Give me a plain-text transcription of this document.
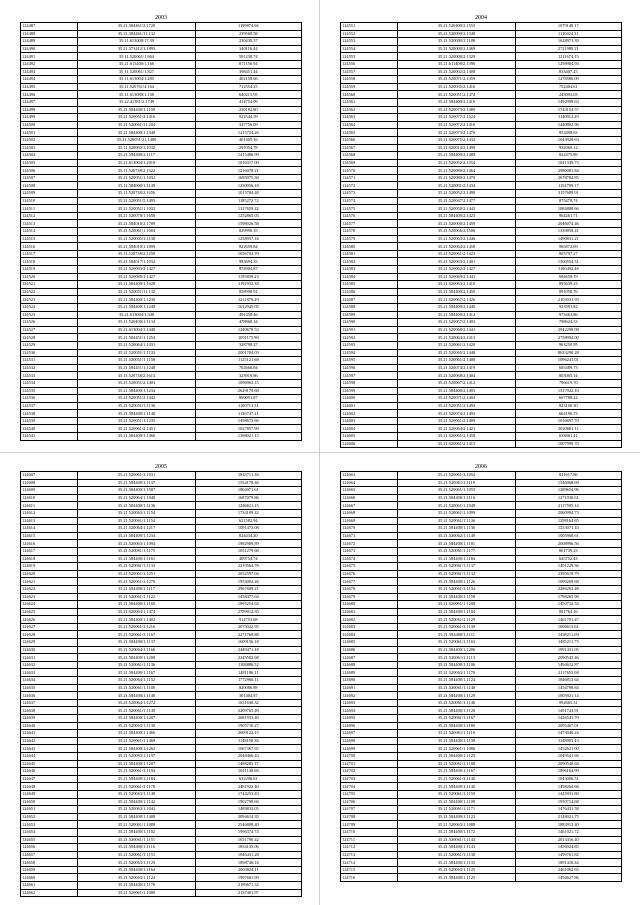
2003
124487	35.21.584461/2.1720	1199874.66
124488	35.21.384461/11.132	239568.58
124489	35.11.613008/17.39	230438.37
124490	35.21.573412/1.1895	340116.44
124491	35.11.520061/1.864	591238.74
124492	35.21.613400/1.166	871156.94
124493	35.11.520061/1.827	398451.44
124494	35.11.613004/1.285	402158.66
124495	35.11.520761/4.164	712554.25
124496	35.11.613088/1.136	640215.95
124497	35.22.41381/2.1749	414754.09
124498	35.21.584400/1.1158	230182.80
124499	35.21.520051/2.1416	922544.59
124500	35.21.520061/11.204	327756.09
124501	35.21.584400/1.1348	1215754.26
124502	35.21.520051/21.1480	401405.16
124503	35.11.520060/1.1032	297054.78
124504	35.21.584400/2.1117	1415486.99
124505	35.21.613004/1.2018	1016317.00
124506	35.11.520738/2.1322	1216078.21
124507	35.21.520051/1.1032	1695975.30
124508	35.11.584000/1.1149	1230956.18
124509	35.11.520738/2.1456	1015784.48
124510	35.21.520051/5.1495	1185272.72
124511	35.21.520051/1.1032	1317659.42
124512	35.21.520078/1.1658	1252865.03
124513	35.21.584010/2.1789	1598026.58
124514	35.21.520061/1.1004	829990.35
124515	35.21.520005/1.1138	1258957.16
124516	35.21.584010/1.1899	822659.84
124517	35.11.520738/2.1258	1656702.70
124518	35.21.584017/1.1032	983694.35
124519	35.21.520093/2.1427	874904.87
124520	35.21.520080/1.1427	1195839.23
124521	35.21.584400/1.1628	1192932.38
124522	35.21.520051/11.132	858998.91
124523	35.21.584400/1.1230	1211876.29
124524	35.21.584400/1.1249	1612945.05
124525	35.21.613004/1.348	491458.46
124526	35.11.520400/1.1134	478868.34
124527	35.21.613004/1.1448	1240679.53
124528	35.21.584451/1.1254	1091175.80
124529	35.21.520064/1.1431	328798.27
124530	35.21.520051/1.1133	2001784.03
124531	35.21.520051/1.1158	1125121.68
124532	35.21.584451/1.1248	702666.84
124533	35.11.520738/2.1613	323919.86
124534	35.21.520051/2.1403	1096963.15
124535	35.21.584400/1.1234	2629179.68
124536	35.21.520051/2.1442	869051.87
124537	35.21.520051/1.1136	1100713.31
124538	35.21.584400/1.1148	1136747.21
124539	35.21.520051/1.1235	1498673.66
124540	35.21.520061/2.1451	1027857.99
124541	35.21.584400/1.1466	1398021.15
2004
124551	35.21.520400/2.1553	1079148.17
124552	35.21.520090/2.1348	1110424.31
124553	35.21.520000/2.1108	1628971.39
124554	35.21.520000/2.1469	2721989.21
124555	35.21.320000/2.1329	1211674.15
124556	35.21.611408/2.1396	1298904.94
124557	35.21.520002/2.1408	833407.25
124558	35.21.520071/2.1359	1278586.09
124559	35.21.520035/2.1416	752404.61
124560	35.21.520051/2.1474	245093.03
124561	35.21.584400/2.1410	1492998.63
124562	35.21.520073/2.1489	1743154.57
124563	35.21.520077/2.1524	1140912.29
124564	35.21.520072/2.1410	1440802.96
124565	35.21.520073/2.1470	853498.63
124566	35.21.520075/2.1432	1043928.63
124567	35.21.520014/2.1499	932060.12
124568	35.21.584400/2.1489	822475.89
124569	35.21.520052/2.1354	1041349.73
124570	35.21.520080/2.1464	2980081.84
124571	35.21.520080/2.1470	2678784.85
124572	35.21.520091/2.1434	1154799.17
124573	35.21.520052/2.1490	3157689.91
124574	35.21.520047/2.1477	875478.74
124575	35.21.520050/2.1443	1084888.66
124576	35.21.584400/2.1423	964261.71
124577	35.21.520000/2.1459	2046074.46
124578	35.21.520066/2.1506	1339858.41
124579	35.21.520063/2.1446	1490831.21
124580	35.21.520064/2.1458	965872.09
124581	35.21.520061/2.1423	805797.27
124582	35.21.520063/2.1401	1500554.31
124583	35.21.520062/2.1427	1106492.48
124584	35.21.520069/2.1441	684659.19
124585	35.21.520063/2.1410	895639.23
124586	35.21.584400/2.1450	891058.76
124587	35.21.520067/2.1426	2103031.93
124588	35.21.584400/2.1440	923591.82
124589	35.21.584400/2.1412	973461.86
124590	35.21.520057/2.1403	798624.33
124591	35.21.520068/2.1441	2942299.98
124592	35.21.520064/2.1413	2758994.00
124593	35.21.520061/2.1420	963250.95
124594	35.21.520065/2.1448	8633290.28
124595	35.21.520061/2.1400	1096241.01
124596	35.21.520074/2.1419	685489.73
124597	35.21.520068/2.1404	803005.14
124598	35.21.520067/2.1412	796619.70
124599	35.21.584400/2.1493	1517022.10
124600	35.21.520071/2.1404	667788.22
124601	35.21.520051/2.1493	823100.30
124602	35.21.520074/2.1493	664190.73
124603	35.21.520061/2.1409	1016697.70
124604	35.21.520064/2.1421	2020681.11
124605	35.21.520061/2.1458	633861.41
124606	35.21.520061/2.1415	1007999.70
2005
124607	35.21.520061/1.1031	1843711.36
124608	35.21.584400/1.1137	1554178.46
124609	35.21.584400/1.1587	1804071.61
124610	35.21.520064/1.1048	1687079.86
124611	35.21.584400/1.1136	1246611.15
124612	35.21.520063/1.1154	1734109.42
124613	35.21.520061/1.1154	621582.94
124614	35.21.520064/1.1217	1091473.08
124615	35.21.584400/1.1234	824434.20
124616	35.21.520063/1.1094	1982909.89
124617	35.21.520061/1.1175	1051279.68
124618	35.21.584400/1.1161	409754.74
124619	35.21.520061/1.1133	2219564.78
124620	35.21.520061/1.1251	2052597.04
124621	35.21.520061/1.1270	1953002.26
124622	35.21.584400/1.1117	2967609.21
124623	35.21.520061/1.1122	1458477.64
124624	35.21.584400/1.1160	1895254.64
124625	35.21.520064/1.1474	2759012.35
124626	35.21.584400/1.1402	914753.68
124627	35.21.520061/1.1216	2075022.95
124628	35.21.520061/1.1167	2271768.88
124629	35.21.584400/1.1137	1609156.18
124630	35.21.520064/1.1166	2449471.18
124631	35.21.584400/1.1200	2245502.68
124632	35.21.520061/1.1136	1108886.52
124633	35.21.584400/1.1167	1481186.11
124634	35.21.520064/1.1152	1772966.11
124635	35.21.520061/1.1100	820086.88
124636	35.21.584400/1.1148	301404.87
124637	35.21.520064/1.1272	1631630.32
124638	35.21.520061/1.1149	2209765.49
124639	35.21.584400/1.1207	2681933.40
124640	35.21.520063/1.1130	1905710.27
124641	35.21.584400/1.1466	2609122.15
124642	35.21.520061/1.1468	1148158.36
124643	35.21.584400/1.1262	1067367.65
124644	35.21.520063/1.1197	2048466.43
124645	35.21.584400/1.1207	1488285.17
124646	35.21.520061/1.1194	1041148.66
124647	35.21.584400/1.1184	632206.61
124648	35.21.520061/1.1178	2481922.40
124649	35.21.520063/1.1148	1744253.43
124650	35.21.584400/1.1142	1902798.66
124651	35.21.520063/1.1042	1489832.05
124652	35.21.584400/1.1408	2094614.35
124653	35.21.520061/1.1088	2546808.40
124654	35.21.584400/1.1102	1996374.74
124655	35.21.520061/1.1151	1651790.42
124656	35.21.584400/1.1116	1854135.06
124657	35.21.520061/1.1151	1846431.28
124658	35.21.520063/1.1129	1898746.16
124659	35.21.584400/1.1164	2003824.11
124660	35.21.520063/1.1124	1997681.99
124661	35.21.584400/1.1178	2189671.32
124662	35.21.520061/1.1080	2137401.97
2006
124663	35.21.520061/1.1054	821617.86
124664	35.21.520061/1.1119	1546968.69
124665	35.21.520061/1.1055	1289654.96
124666	35.21.584400/1.1116	1271030.61
124667	35.21.520061/1.1049	2117595.14
124668	35.21.520061/1.1099	2060994.73
124669	35.21.520061/1.1136	1298164.65
124670	35.21.584400/1.1136	1253071.43
124671	35.21.520062/1.1149	1005968.61
124672	35.21.584400/1.1181	2008996.56
124673	35.21.520061/1.1177	861739.23
124674	35.21.584400/1.1184	645752.43
124675	35.21.520061/1.1137	1491229.36
124676	35.21.520061/1.1132	2395619.79
124677	35.21.584400/1.1126	1099209.68
124678	35.21.520061/1.1134	2286263.48
124679	35.21.584400/1.1158	1798265.98
124680	35.21.520061/1.1208	1450732.54
124681	35.21.584400/1.1104	881764.16
124682	35.21.520061/1.1129	1461701.47
124683	35.21.520061/1.1139	1006613.61
124684	35.21.584400/1.1111	1438211.09
124685	35.21.520061/1.1163	1485211.75
124686	35.21.584400/1.1206	1991431.05
124687	35.21.520061/1.1113	2090543.46
124688	35.21.584400/1.1106	1494612.87
124689	35.21.520063/1.1170	2117655.08
124690	35.21.584400/1.1124	1846813.64
124691	35.21.520061/1.1140	1454798.84
124692	35.21.584400/1.1129	1005921.14
124693	35.21.520061/1.1146	992665.31
124694	35.21.584400/1.1128	1491743.91
124695	35.21.520061/1.1167	1426541.70
124696	35.21.584400/1.1180	2095467.01
124697	35.21.520061/1.1116	1473046.24
124698	35.21.584400/1.1138	1148903.43
124699	35.21.520061/1.1086	1452621.00
124700	35.21.584400/1.1125	1049541.66
124701	35.21.520061/1.1188	2090548.64
124702	35.21.584400/1.1167	1896164.99
124703	35.21.520061/1.1140	1043006.51
124704	35.21.584400/1.1140	1498264.68
124705	35.21.520061/1.1150	1445931.80
124706	35.21.584400/1.1109	1950714.68
124707	35.21.520061/1.1171	1476431.58
124708	35.21.584400/1.1123	2148021.75
124709	35.21.520063/1.1088	1883913.40
124710	35.21.584400/1.1172	1461021.72
124711	35.21.520061/1.1143	2013416.40
124712	35.21.584400/1.1143	1456924.85
124713	35.21.520061/1.1138	1499761.82
124714	35.21.584400/1.1135	1891418.44
124715	35.21.520063/1.1125	2461062.65
124716	35.21.584400/1.1125	1494627.86
